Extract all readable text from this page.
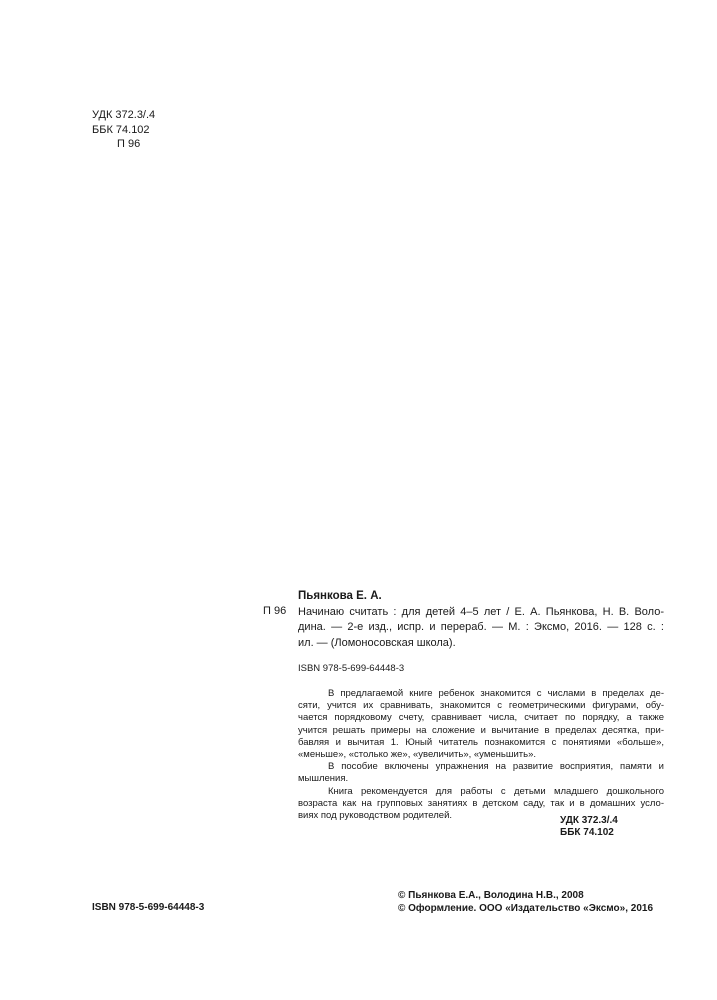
УДК 372.3/.4
ББК 74.102
П 96
Пьянкова Е. А.
П 96 Начинаю считать : для детей 4–5 лет / Е. А. Пьянкова, Н. В. Воло-
дина. — 2-е изд., испр. и перераб. — М. : Эксмо, 2016. — 128 с. :
ил. — (Ломоносовская школа).
ISBN 978-5-699-64448-3
В предлагаемой книге ребенок знакомится с числами в пределах де-
сяти, учится их сравнивать, знакомится с геометрическими фигурами, обу-
чается порядковому счету, сравнивает числа, считает по порядку, а также
учится решать примеры на сложение и вычитание в пределах десятка, при-
бавляя и вычитая 1. Юный читатель познакомится с понятиями «больше»,
«меньше», «столько же», «увеличить», «уменьшить».
В пособие включены упражнения на развитие восприятия, памяти и
мышления.
Книга рекомендуется для работы с детьми младшего дошкольного
возраста как на групповых занятиях в детском саду, так и в домашних усло-
виях под руководством родителей.	УДК 372.3/.4
ББК 74.102
ISBN 978-5-699-64448-3
© Пьянкова Е.А., Володина Н.В., 2008
© Оформление. ООО «Издательство «Эксмо», 2016
